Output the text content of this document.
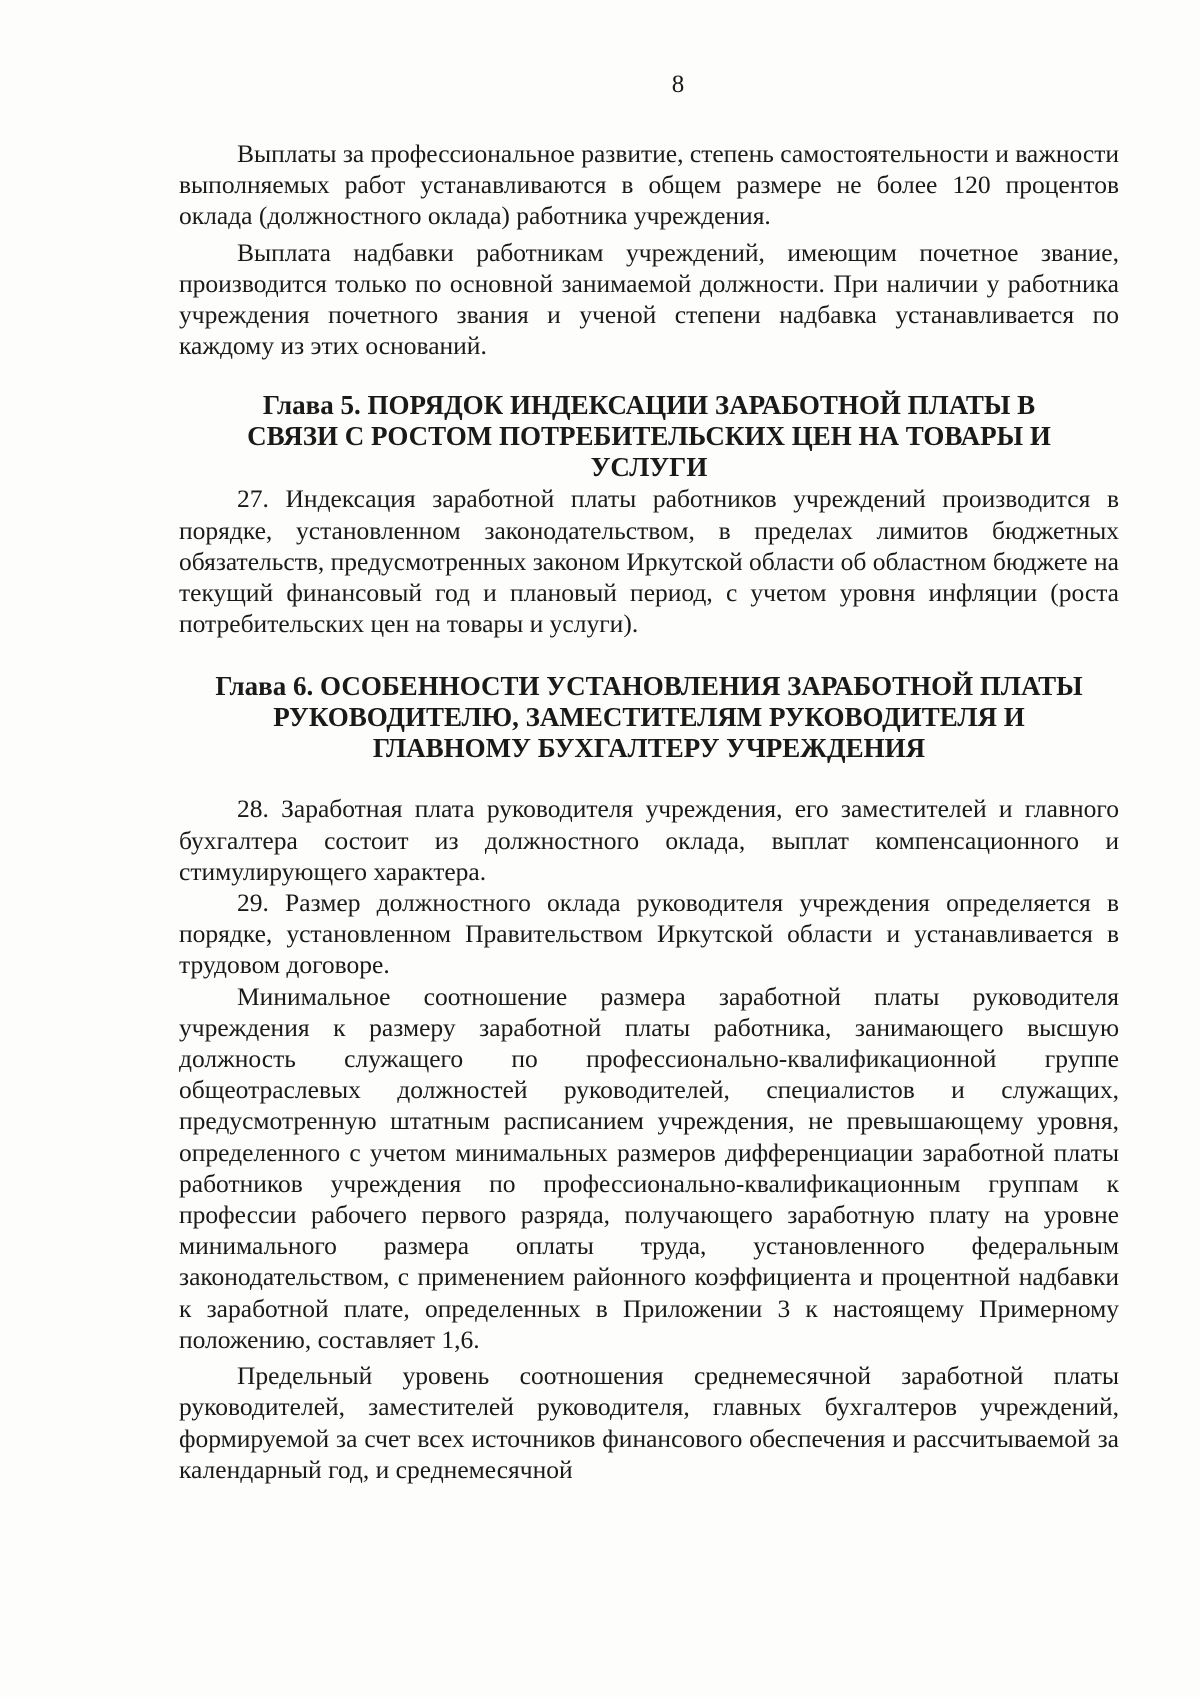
8

Выплаты за профессиональное развитие, степень самостоятельности и важности выполняемых работ устанавливаются в общем размере не более 120 процентов оклада (должностного оклада) работника учреждения.

Выплата надбавки работникам учреждений, имеющим почетное звание, производится только по основной занимаемой должности. При наличии у работника учреждения почетного звания и ученой степени надбавка устанавливается по каждому из этих оснований.

Глава 5. ПОРЯДОК ИНДЕКСАЦИИ ЗАРАБОТНОЙ ПЛАТЫ В
СВЯЗИ С РОСТОМ ПОТРЕБИТЕЛЬСКИХ ЦЕН НА ТОВАРЫ И
УСЛУГИ

27. Индексация заработной платы работников учреждений производится в порядке, установленном законодательством, в пределах лимитов бюджетных обязательств, предусмотренных законом Иркутской области об областном бюджете на текущий финансовый год и плановый период, с учетом уровня инфляции (роста потребительских цен на товары и услуги).

Глава 6. ОСОБЕННОСТИ УСТАНОВЛЕНИЯ ЗАРАБОТНОЙ ПЛАТЫ
РУКОВОДИТЕЛЮ, ЗАМЕСТИТЕЛЯМ РУКОВОДИТЕЛЯ И
ГЛАВНОМУ БУХГАЛТЕРУ УЧРЕЖДЕНИЯ

28. Заработная плата руководителя учреждения, его заместителей и главного бухгалтера состоит из должностного оклада, выплат компенсационного и стимулирующего характера.

29. Размер должностного оклада руководителя учреждения определяется в порядке, установленном Правительством Иркутской области и устанавливается в трудовом договоре.

Минимальное соотношение размера заработной платы руководителя учреждения к размеру заработной платы работника, занимающего высшую должность служащего по профессионально-квалификационной группе общеотраслевых должностей руководителей, специалистов и служащих, предусмотренную штатным расписанием учреждения, не превышающему уровня, определенного с учетом минимальных размеров дифференциации заработной платы работников учреждения по профессионально-квалификационным группам к профессии рабочего первого разряда, получающего заработную плату на уровне минимального размера оплаты труда, установленного федеральным законодательством, с применением районного коэффициента и процентной надбавки к заработной плате, определенных в Приложении 3 к настоящему Примерному положению, составляет 1,6.

Предельный уровень соотношения среднемесячной заработной платы руководителей, заместителей руководителя, главных бухгалтеров учреждений, формируемой за счет всех источников финансового обеспечения и рассчитываемой за календарный год, и среднемесячной
